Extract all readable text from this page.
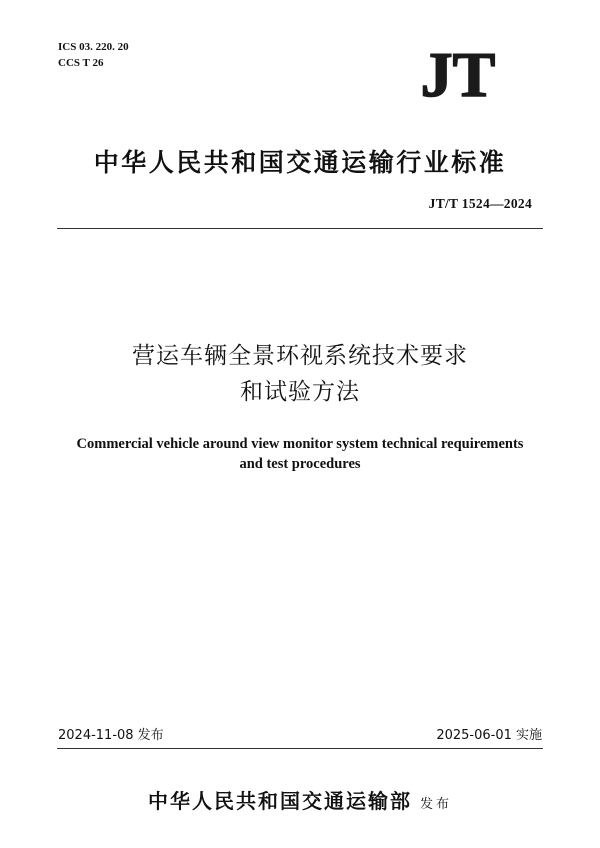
ICS 03. 220. 20
CCS T 26	JT
中华人民共和国交通运输行业标准
JT/T 1524—2024
营运车辆全景环视系统技术要求
和试验方法
Commercial vehicle around view monitor system technical requirements
and test procedures
2024-11-08 发布	2025-06-01 实施
中华人民共和国交通运输部 发布
